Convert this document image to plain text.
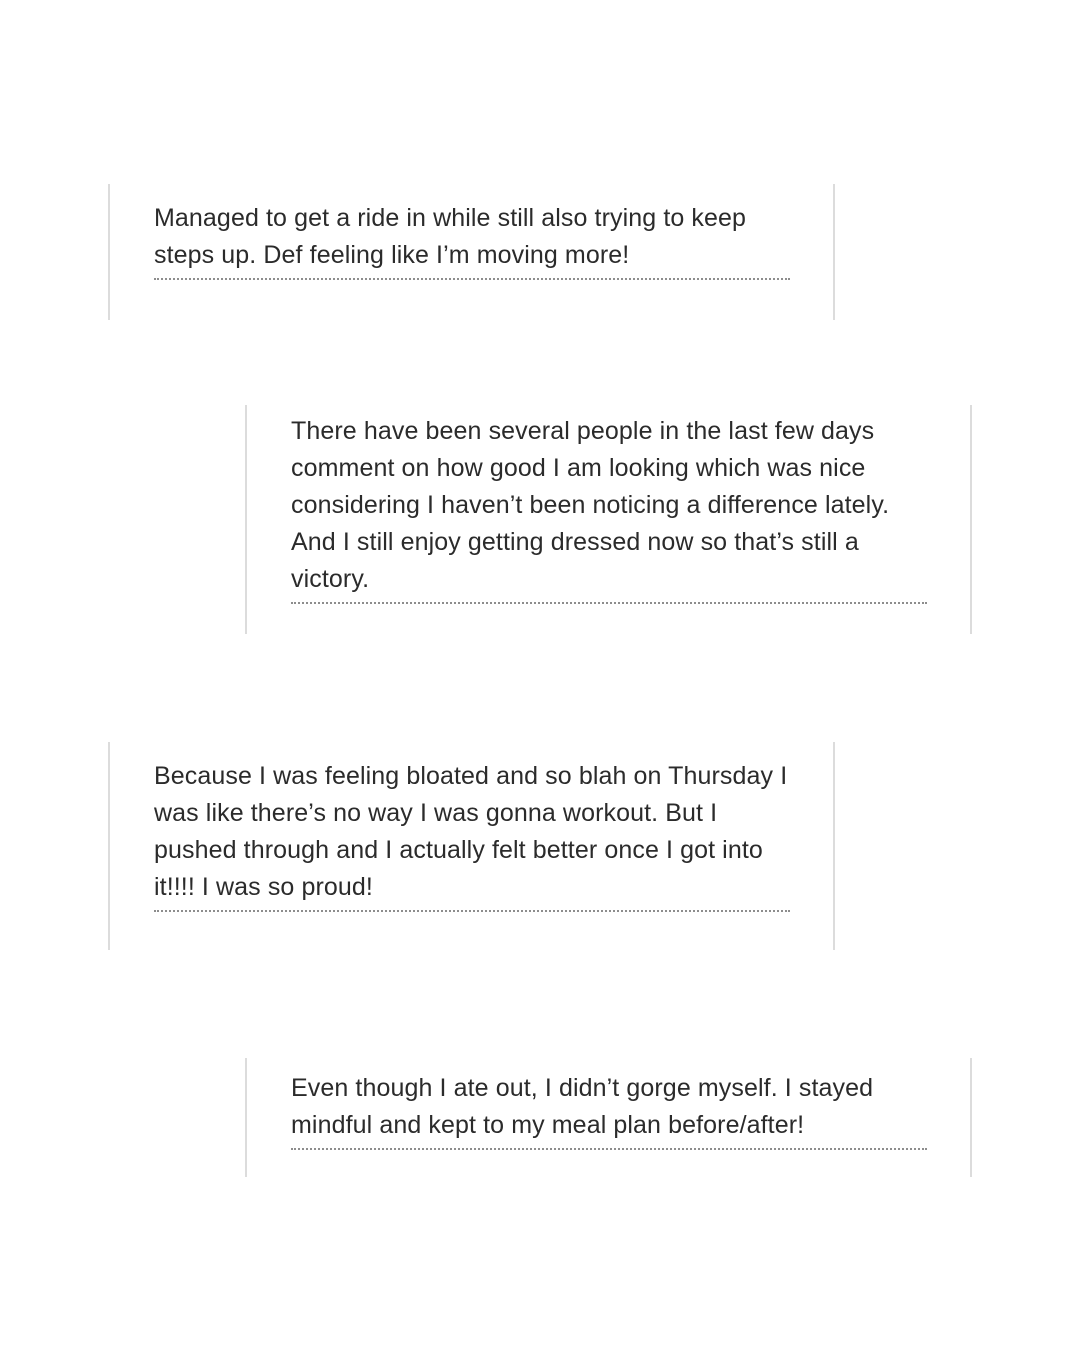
Managed to get a ride in while still also trying to keep steps up. Def feeling like I’m moving more!

There have been several people in the last few days comment on how good I am looking which was nice considering I haven’t been noticing a difference lately. And I still enjoy getting dressed now so that’s still a victory.

Because I was feeling bloated and so blah on Thursday I was like there’s no way I was gonna workout. But I pushed through and I actually felt better once I got into it!!!! I was so proud!

Even though I ate out, I didn’t gorge myself. I stayed mindful and kept to my meal plan before/after!
